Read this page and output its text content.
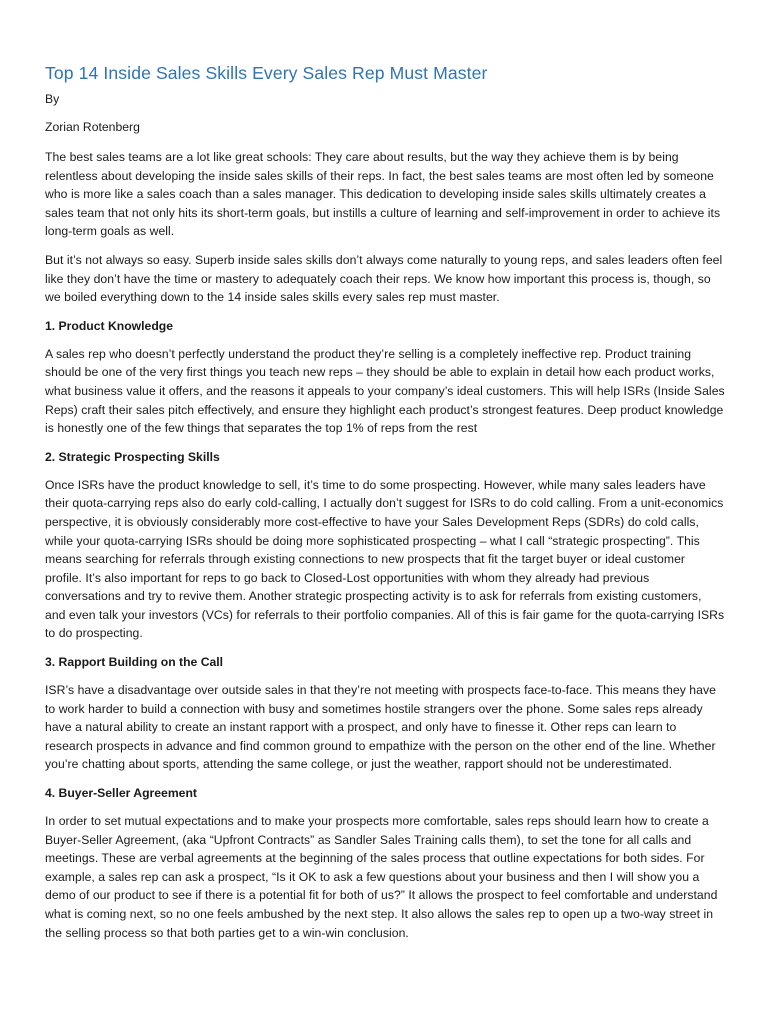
Top 14 Inside Sales Skills Every Sales Rep Must Master

By

Zorian Rotenberg

The best sales teams are a lot like great schools: They care about results, but the way they achieve them is by being relentless about developing the inside sales skills of their reps. In fact, the best sales teams are most often led by someone who is more like a sales coach than a sales manager. This dedication to developing inside sales skills ultimately creates a sales team that not only hits its short-term goals, but instills a culture of learning and self-improvement in order to achieve its long-term goals as well.

But it’s not always so easy. Superb inside sales skills don’t always come naturally to young reps, and sales leaders often feel like they don’t have the time or mastery to adequately coach their reps. We know how important this process is, though, so we boiled everything down to the 14 inside sales skills every sales rep must master.

1. Product Knowledge

A sales rep who doesn’t perfectly understand the product they’re selling is a completely ineffective rep. Product training should be one of the very first things you teach new reps – they should be able to explain in detail how each product works, what business value it offers, and the reasons it appeals to your company’s ideal customers. This will help ISRs (Inside Sales Reps) craft their sales pitch effectively, and ensure they highlight each product’s strongest features. Deep product knowledge is honestly one of the few things that separates the top 1% of reps from the rest

2. Strategic Prospecting Skills

Once ISRs have the product knowledge to sell, it’s time to do some prospecting. However, while many sales leaders have their quota-carrying reps also do early cold-calling, I actually don’t suggest for ISRs to do cold calling. From a unit-economics perspective, it is obviously considerably more cost-effective to have your Sales Development Reps (SDRs) do cold calls, while your quota-carrying ISRs should be doing more sophisticated prospecting – what I call “strategic prospecting”. This means searching for referrals through existing connections to new prospects that fit the target buyer or ideal customer profile. It’s also important for reps to go back to Closed-Lost opportunities with whom they already had previous conversations and try to revive them. Another strategic prospecting activity is to ask for referrals from existing customers, and even talk your investors (VCs) for referrals to their portfolio companies. All of this is fair game for the quota-carrying ISRs to do prospecting.

3. Rapport Building on the Call

ISR’s have a disadvantage over outside sales in that they’re not meeting with prospects face-to-face. This means they have to work harder to build a connection with busy and sometimes hostile strangers over the phone. Some sales reps already have a natural ability to create an instant rapport with a prospect, and only have to finesse it. Other reps can learn to research prospects in advance and find common ground to empathize with the person on the other end of the line. Whether you’re chatting about sports, attending the same college, or just the weather, rapport should not be underestimated.

4. Buyer-Seller Agreement

In order to set mutual expectations and to make your prospects more comfortable, sales reps should learn how to create a Buyer-Seller Agreement, (aka “Upfront Contracts” as Sandler Sales Training calls them), to set the tone for all calls and meetings. These are verbal agreements at the beginning of the sales process that outline expectations for both sides. For example, a sales rep can ask a prospect, “Is it OK to ask a few questions about your business and then I will show you a demo of our product to see if there is a potential fit for both of us?” It allows the prospect to feel comfortable and understand what is coming next, so no one feels ambushed by the next step. It also allows the sales rep to open up a two-way street in the selling process so that both parties get to a win-win conclusion.
